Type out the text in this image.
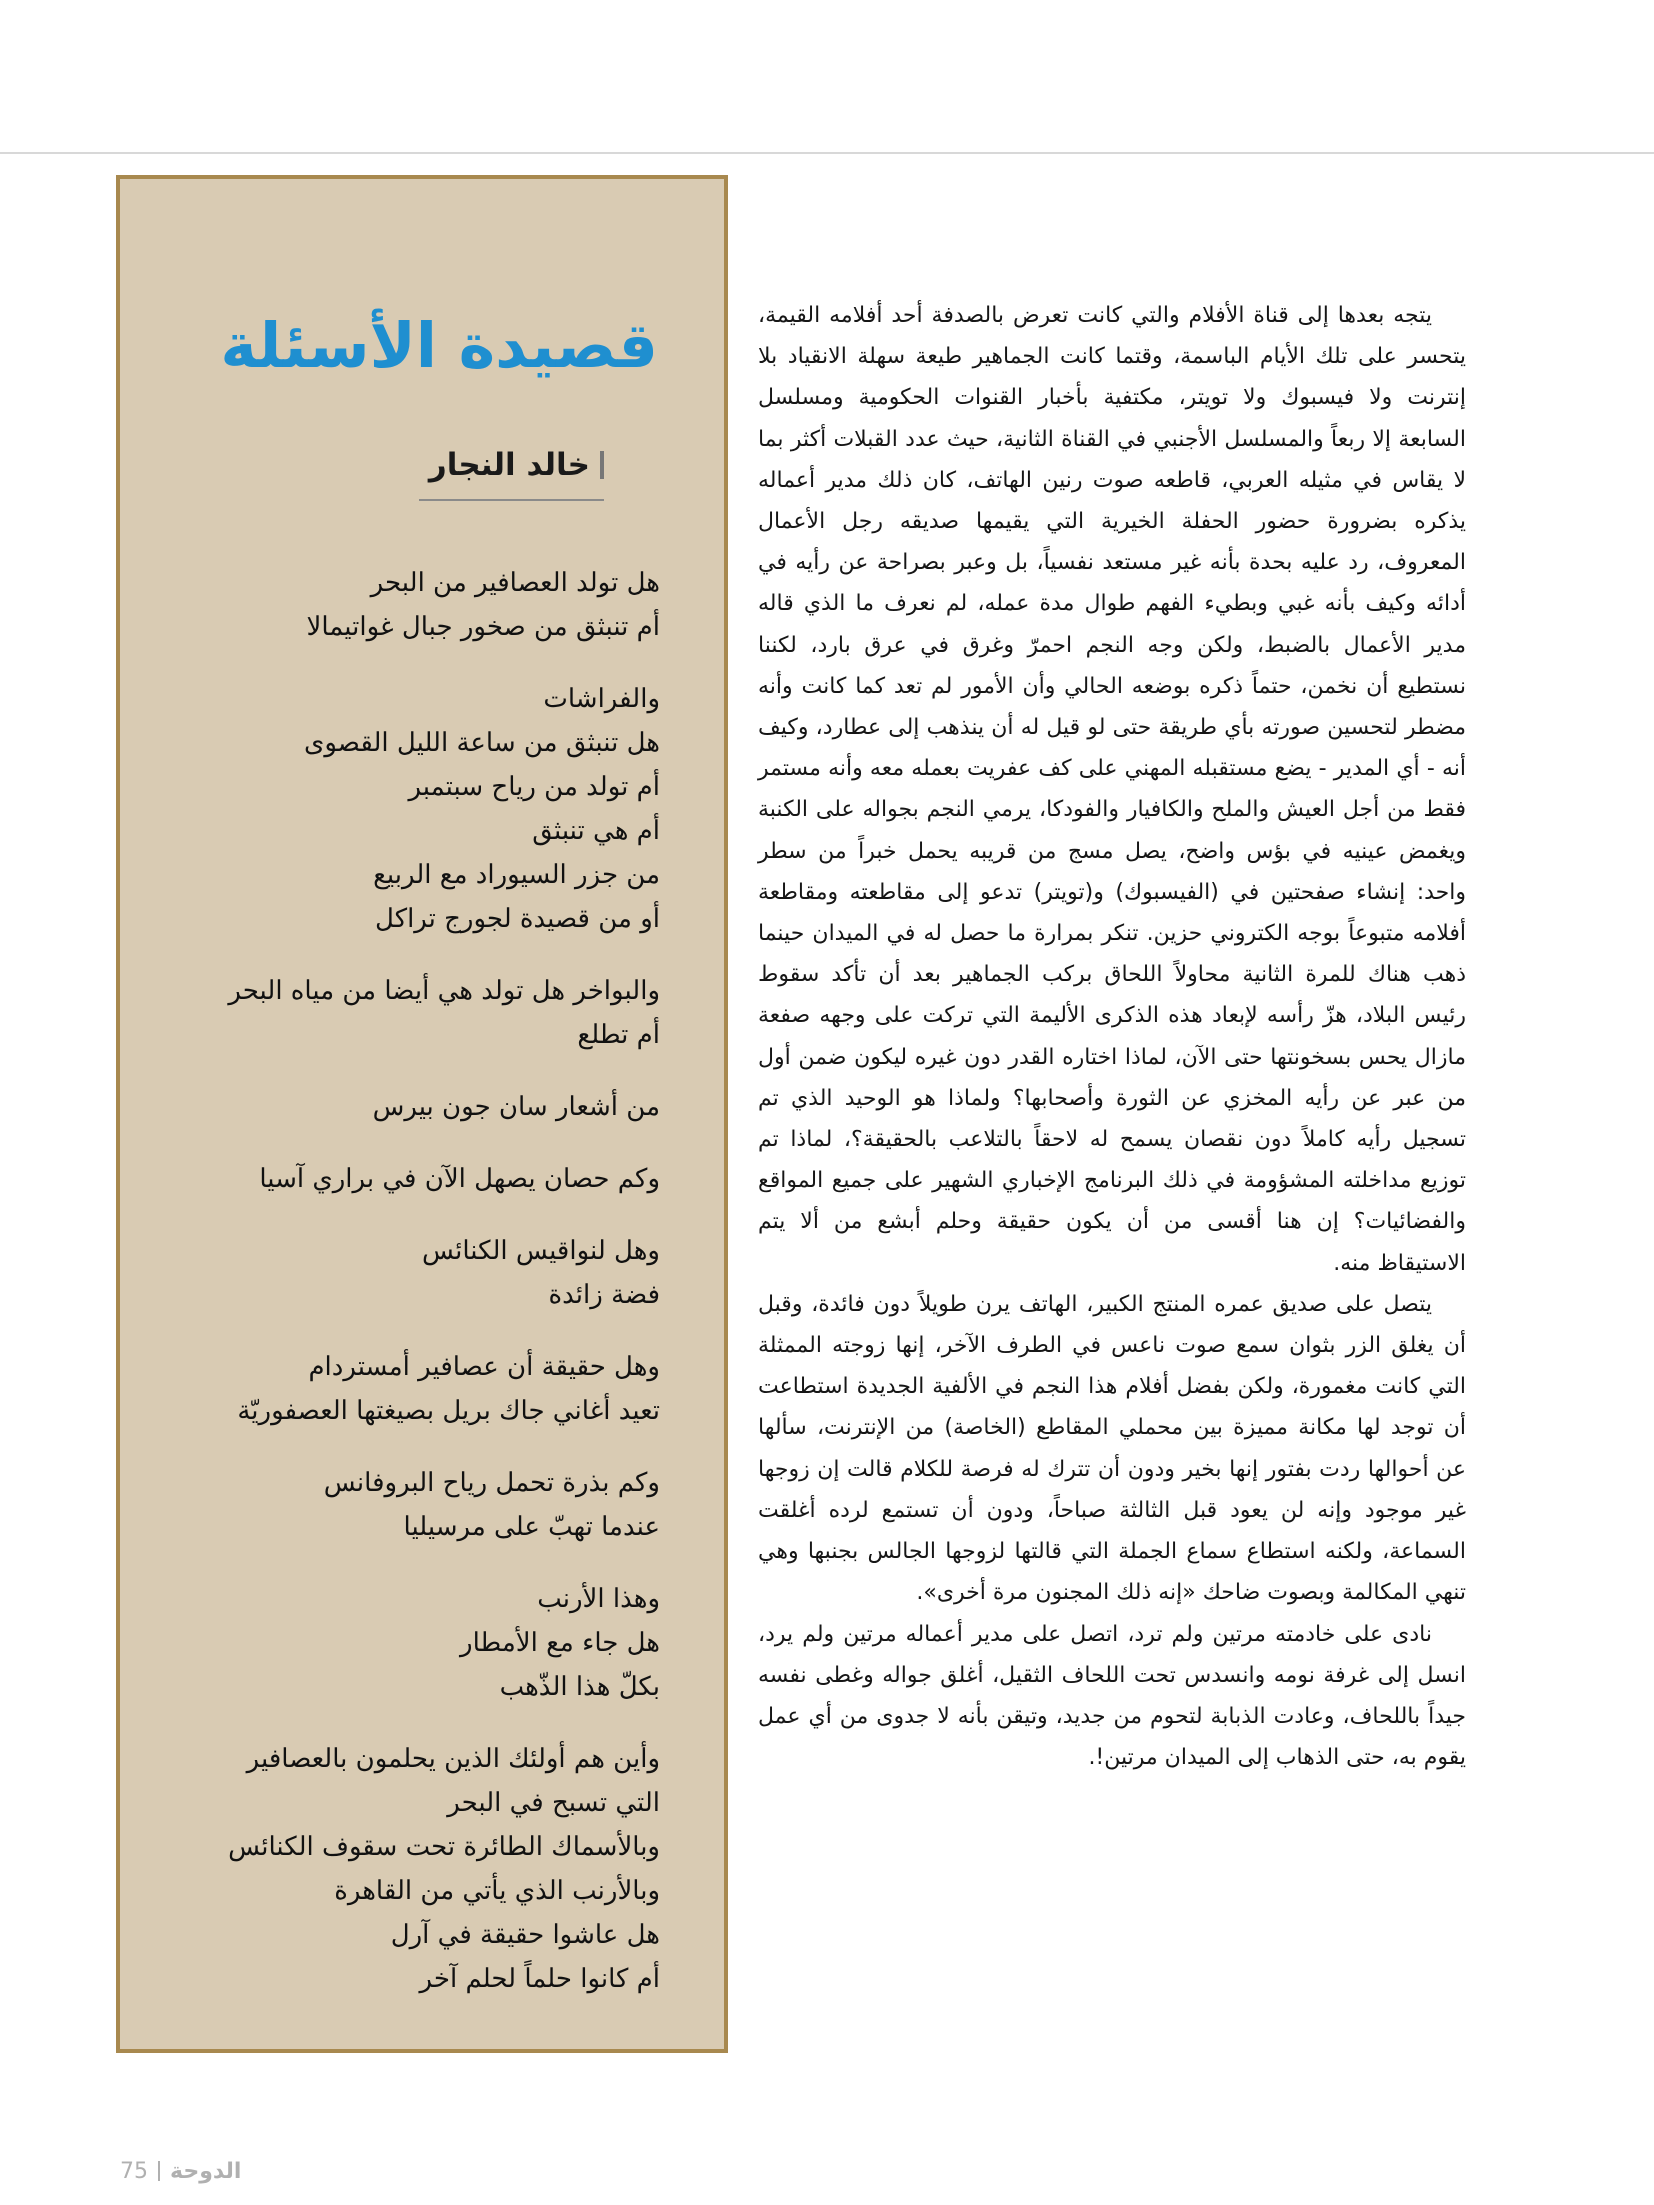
قصيدة الأسئلة
خالد النجار
هل تولد العصافير من البحر
أم تنبثق من صخور جبال غواتيمالا
والفراشات
هل تنبثق من ساعة الليل القصوى
أم تولد من رياح سبتمبر
أم هي تنبثق
من جزر السيوراد مع الربيع
أو من قصيدة لجورج تراكل
والبواخر هل تولد هي أيضا من مياه البحر
أم تطلع
من أشعار سان جون بيرس
وكم حصان يصهل الآن في براري آسيا
وهل لنواقيس الكنائس
فضة زائدة
وهل حقيقة أن عصافير أمستردام
تعيد أغاني جاك بريل بصيغتها العصفوريّة
وكم بذرة تحمل رياح البروفانس
عندما تهبّ على مرسيليا
وهذا الأرنب
هل جاء مع الأمطار
بكلّ هذا الذّهب
وأين هم أولئك الذين يحلمون بالعصافير
التي تسبح في البحر
وبالأسماك الطائرة تحت سقوف الكنائس
وبالأرنب الذي يأتي من القاهرة
هل عاشوا حقيقة في آرل
أم كانوا حلماً لحلم آخر

يتجه بعدها إلى قناة الأفلام والتي كانت تعرض بالصدفة أحد أفلامه القيمة، يتحسر على تلك الأيام الباسمة، وقتما كانت الجماهير طيعة سهلة الانقياد بلا إنترنت ولا فيسبوك ولا تويتر، مكتفية بأخبار القنوات الحكومية ومسلسل السابعة إلا ربعاً والمسلسل الأجنبي في القناة الثانية، حيث عدد القبلات أكثر بما لا يقاس في مثيله العربي، قاطعه صوت رنين الهاتف، كان ذلك مدير أعماله يذكره بضرورة حضور الحفلة الخيرية التي يقيمها صديقه رجل الأعمال المعروف، رد عليه بحدة بأنه غير مستعد نفسياً، بل وعبر بصراحة عن رأيه في أدائه وكيف بأنه غبي وبطيء الفهم طوال مدة عمله، لم نعرف ما الذي قاله مدير الأعمال بالضبط، ولكن وجه النجم احمرّ وغرق في عرق بارد، لكننا نستطيع أن نخمن، حتماً ذكره بوضعه الحالي وأن الأمور لم تعد كما كانت وأنه مضطر لتحسين صورته بأي طريقة حتى لو قيل له أن ينذهب إلى عطارد، وكيف أنه - أي المدير - يضع مستقبله المهني على كف عفريت بعمله معه وأنه مستمر فقط من أجل العيش والملح والكافيار والفودكا، يرمي النجم بجواله على الكنبة ويغمض عينيه في بؤس واضح، يصل مسج من قريبه يحمل خبراً من سطر واحد: إنشاء صفحتين في (الفيسبوك) و(تويتر) تدعو إلى مقاطعته ومقاطعة أفلامه متبوعاً بوجه الكتروني حزين. تنكر بمرارة ما حصل له في الميدان حينما ذهب هناك للمرة الثانية محاولاً اللحاق بركب الجماهير بعد أن تأكد سقوط رئيس البلاد، هزّ رأسه لإبعاد هذه الذكرى الأليمة التي تركت على وجهه صفعة مازال يحس بسخونتها حتى الآن، لماذا اختاره القدر دون غيره ليكون ضمن أول من عبر عن رأيه المخزي عن الثورة وأصحابها؟ ولماذا هو الوحيد الذي تم تسجيل رأيه كاملاً دون نقصان يسمح له لاحقاً بالتلاعب بالحقيقة؟، لماذا تم توزيع مداخلته المشؤومة في ذلك البرنامج الإخباري الشهير على جميع المواقع والفضائيات؟ إن هنا أقسى من أن يكون حقيقة وحلم أبشع من ألا يتم الاستيقاظ منه.

يتصل على صديق عمره المنتج الكبير، الهاتف يرن طويلاً دون فائدة، وقبل أن يغلق الزر بثوان سمع صوت ناعس في الطرف الآخر، إنها زوجته الممثلة التي كانت مغمورة، ولكن بفضل أفلام هذا النجم في الألفية الجديدة استطاعت أن توجد لها مكانة مميزة بين محملي المقاطع (الخاصة) من الإنترنت، سألها عن أحوالها ردت بفتور إنها بخير ودون أن تترك له فرصة للكلام قالت إن زوجها غير موجود وإنه لن يعود قبل الثالثة صباحاً، ودون أن تستمع لرده أغلقت السماعة، ولكنه استطاع سماع الجملة التي قالتها لزوجها الجالس بجنبها وهي تنهي المكالمة وبصوت ضاحك «إنه ذلك المجنون مرة أخرى».

نادى على خادمته مرتين ولم ترد، اتصل على مدير أعماله مرتين ولم يرد، انسل إلى غرفة نومه وانسدس تحت اللحاف الثقيل، أغلق جواله وغطى نفسه جيداً باللحاف، وعادت الذبابة لتحوم من جديد، وتيقن بأنه لا جدوى من أي عمل يقوم به، حتى الذهاب إلى الميدان مرتين!.

75 الدوحة
